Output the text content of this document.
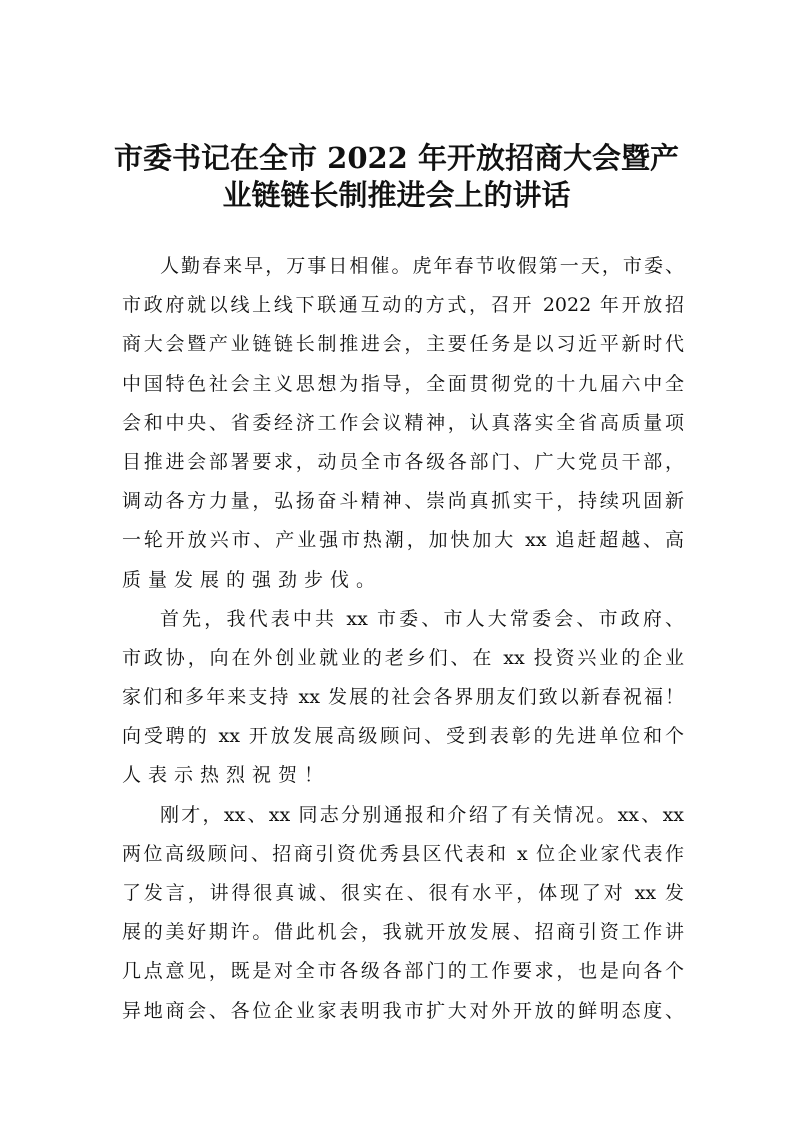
市委书记在全市 2022 年开放招商大会暨产
业链链长制推进会上的讲话
人勤春来早，万事日相催。虎年春节收假第一天，市委、
市政府就以线上线下联通互动的方式，召开 2022 年开放招
商大会暨产业链链长制推进会，主要任务是以习近平新时代
中国特色社会主义思想为指导，全面贯彻党的十九届六中全
会和中央、省委经济工作会议精神，认真落实全省高质量项
目推进会部署要求，动员全市各级各部门、广大党员干部，
调动各方力量，弘扬奋斗精神、崇尚真抓实干，持续巩固新
一轮开放兴市、产业强市热潮，加快加大 xx 追赶超越、高
质量发展的强劲步伐。
首先，我代表中共 xx 市委、市人大常委会、市政府、
市政协，向在外创业就业的老乡们、在 xx 投资兴业的企业
家们和多年来支持 xx 发展的社会各界朋友们致以新春祝福！
向受聘的 xx 开放发展高级顾问、受到表彰的先进单位和个
人表示热烈祝贺！
刚才，xx、xx 同志分别通报和介绍了有关情况。xx、xx
两位高级顾问、招商引资优秀县区代表和 x 位企业家代表作
了发言，讲得很真诚、很实在、很有水平，体现了对 xx 发
展的美好期许。借此机会，我就开放发展、招商引资工作讲
几点意见，既是对全市各级各部门的工作要求，也是向各个
异地商会、各位企业家表明我市扩大对外开放的鲜明态度、
